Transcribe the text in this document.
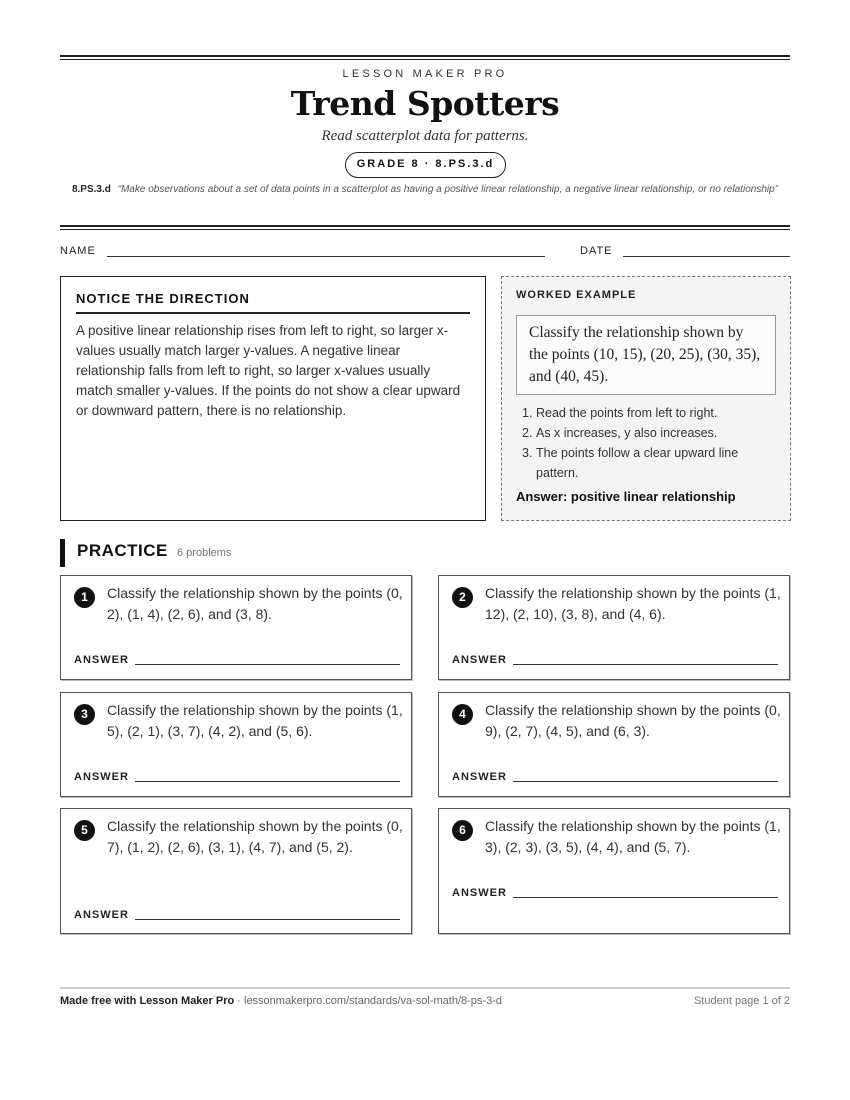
LESSON MAKER PRO
Trend Spotters
Read scatterplot data for patterns.
GRADE 8 · 8.PS.3.d
8.PS.3.d “Make observations about a set of data points in a scatterplot as having a positive linear relationship, a negative linear relationship, or no relationship”
NAME	DATE
NOTICE THE DIRECTION

A positive linear relationship rises from left to right, so larger x-values usually match larger y-values. A negative linear relationship falls from left to right, so larger x-values usually match smaller y-values. If the points do not show a clear upward or downward pattern, there is no relationship.

WORKED EXAMPLE
Classify the relationship shown by the points (10, 15), (20, 25), (30, 35), and (40, 45).
1. Read the points from left to right.
2. As x increases, y also increases.
3. The points follow a clear upward line pattern.
Answer: positive linear relationship
PRACTICE 6 problems
1	Classify the relationship shown by the points (0, 2), (1, 4), (2, 6), and (3, 8).
ANSWER
2	Classify the relationship shown by the points (1, 12), (2, 10), (3, 8), and (4, 6).
ANSWER
3	Classify the relationship shown by the points (1, 5), (2, 1), (3, 7), (4, 2), and (5, 6).
ANSWER
4	Classify the relationship shown by the points (0, 9), (2, 7), (4, 5), and (6, 3).
ANSWER
5	Classify the relationship shown by the points (0, 7), (1, 2), (2, 6), (3, 1), (4, 7), and (5, 2).
ANSWER
6	Classify the relationship shown by the points (1, 3), (2, 3), (3, 5), (4, 4), and (5, 7).
ANSWER
Made free with Lesson Maker Pro · lessonmakerpro.com/standards/va-sol-math/8-ps-3-d	Student page 1 of 2
